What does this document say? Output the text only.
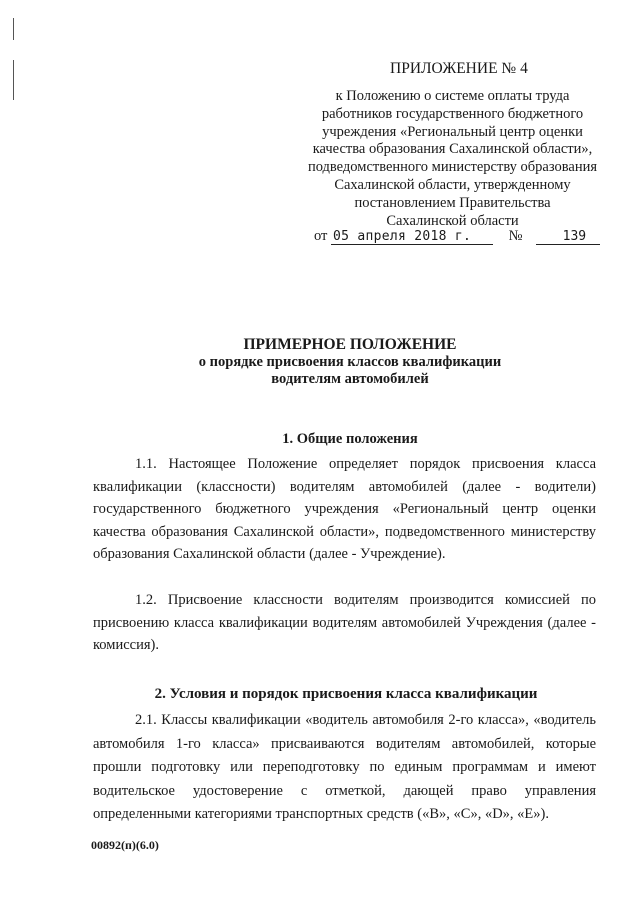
ПРИЛОЖЕНИЕ № 4
к Положению о системе оплаты труда
работников государственного бюджетного
учреждения «Региональный центр оценки
качества образования Сахалинской области»,
подведомственного министерству образования
Сахалинской области, утвержденному
постановлением Правительства
Сахалинской области
от 05 апреля 2018 г.	№	139
ПРИМЕРНОЕ ПОЛОЖЕНИЕ
о порядке присвоения классов квалификации
водителям автомобилей
1. Общие положения

1.1. Настоящее Положение определяет порядок присвоения класса квалификации (классности) водителям автомобилей (далее - водители) государственного бюджетного учреждения «Региональный центр оценки качества образования Сахалинской области», подведомственного министерству образования Сахалинской области (далее - Учреждение).

1.2. Присвоение классности водителям производится комиссией по присвоению класса квалификации водителям автомобилей Учреждения (далее - комиссия).

2. Условия и порядок присвоения класса квалификации

2.1. Классы квалификации «водитель автомобиля 2-го класса», «водитель автомобиля 1-го класса» присваиваются водителям автомобилей, которые прошли подготовку или переподготовку по единым программам и имеют водительское удостоверение с отметкой, дающей право управления определенными категориями транспортных средств («B», «C», «D», «E»).

00892(п)(6.0)
